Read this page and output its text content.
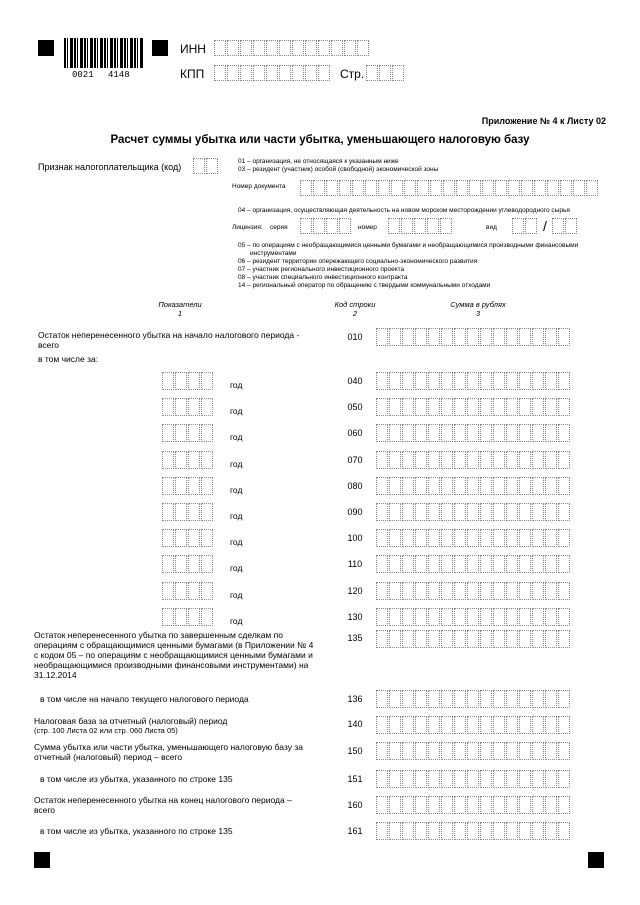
0021 4148
ИНН
КПП	Стр.
Приложение № 4 к Листу 02
Расчет суммы убытка или части убытка, уменьшающего налоговую базу
Признак налогоплательщика (код)
01 – организация, не относящаяся к указанным ниже
03 – резидент (участник) особой (свободной) экономической зоны
Номер документа
04 – организация, осуществляющая деятельность на новом морском месторождении углеводородного сырья
Лицензия: серия	номер	вид	/
05 – по операциям с необращающимися ценными бумагами и необращающимися производными финансовыми
инструментами
06 – резидент территории опережающего социально-экономического развития
07 – участник регионального инвестиционного проекта
08 – участник специального инвестиционного контракта
14 – региональный оператор по обращению с твердыми коммунальными отходами
Показатели
1
Код строки
2
Сумма в рублях
3
Остаток неперенесенного убытка на начало налогового периода -
всего
010
в том числе за:
год	040
год	050
год	060
год	070
год	080
год	090
год	100
год	110
год	120
год	130
Остаток неперенесенного убытка по завершенным сделкам по
операциям с обращающимися ценными бумагами (в Приложении № 4
с кодом 05 – по операциям с необращающимися ценными бумагами и
необращающимися производными финансовыми инструментами) на
31.12.2014
135
в том числе на начало текущего налогового периода	136
Налоговая база за отчетный (налоговый) период
(стр. 100 Листа 02 или стр. 060 Листа 05)
140
Сумма убытка или части убытка, уменьшающего налоговую базу за
отчетный (налоговый) период – всего
150
в том числе из убытка, указанного по строке 135	151
Остаток неперенесенного убытка на конец налогового периода –
всего	160
в том числе из убытка, указанного по строке 135	161
